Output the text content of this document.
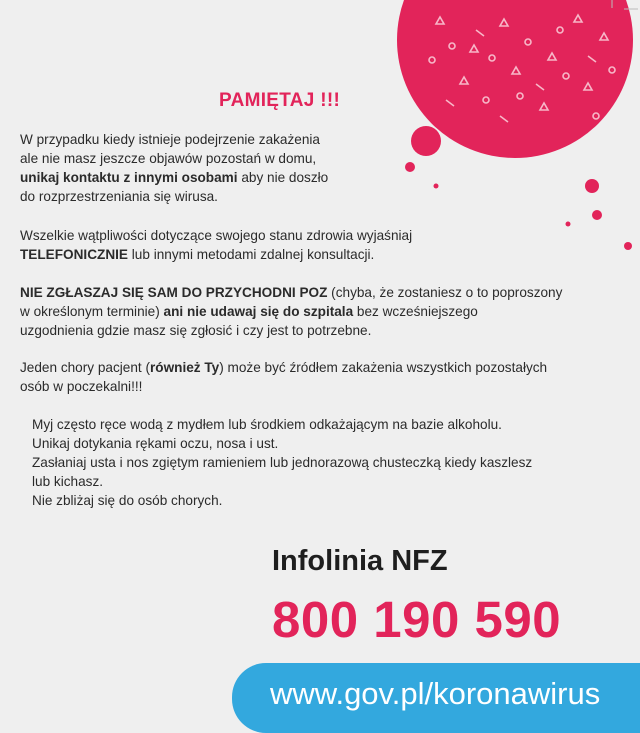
PAMIĘTAJ !!!
W przypadku kiedy istnieje podejrzenie zakażenia
ale nie masz jeszcze objawów pozostań w domu,
unikaj kontaktu z innymi osobami aby nie doszło
do rozprzestrzeniania się wirusa.
Wszelkie wątpliwości dotyczące swojego stanu zdrowia wyjaśniaj
TELEFONICZNIE lub innymi metodami zdalnej konsultacji.
NIE ZGŁASZAJ SIĘ SAM DO PRZYCHODNI POZ (chyba, że zostaniesz o to poproszony
w określonym terminie) ani nie udawaj się do szpitala bez wcześniejszego
uzgodnienia gdzie masz się zgłosić i czy jest to potrzebne.
Jeden chory pacjent (również Ty) może być źródłem zakażenia wszystkich pozostałych
osób w poczekalni!!!
Myj często ręce wodą z mydłem lub środkiem odkażającym na bazie alkoholu.
Unikaj dotykania rękami oczu, nosa i ust.
Zasłaniaj usta i nos zgiętym ramieniem lub jednorazową chusteczką kiedy kaszlesz
lub kichasz.
Nie zbliżaj się do osób chorych.
Infolinia NFZ
800 190 590
www.gov.pl/koronawirus
